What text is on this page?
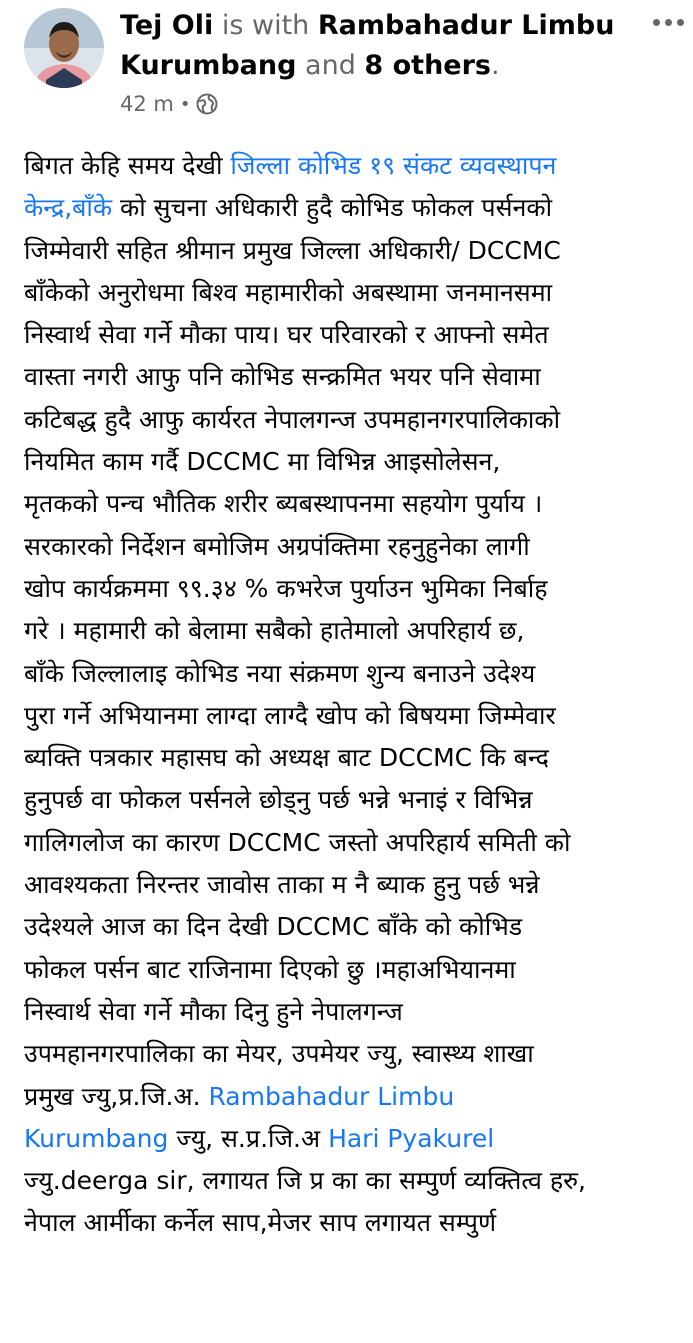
Tej Oli is with Rambahadur Limbu Kurumbang and 8 others.
42 m •
बिगत केहि समय देखी जिल्ला कोभिड १९ संकट व्यवस्थापन
केन्द्र,बाँके को सुचना अधिकारी हुदै कोभिड फोकल पर्सनको
जिम्मेवारी सहित श्रीमान प्रमुख जिल्ला अधिकारी/ DCCMC
बाँकेको अनुरोधमा बिश्व महामारीको अबस्थामा जनमानसमा
निस्वार्थ सेवा गर्ने मौका पाय। घर परिवारको र आफ्नो समेत
वास्ता नगरी आफु पनि कोभिड सन्क्रमित भयर पनि सेवामा
कटिबद्ध हुदै आफु कार्यरत नेपालगन्ज उपमहानगरपालिकाको
नियमित काम गर्दै DCCMC मा विभिन्न आइसोलेसन,
मृतकको पन्च भौतिक शरीर ब्यबस्थापनमा सहयोग पुर्याय ।
सरकारको निर्देशन बमोजिम अग्रपंक्तिमा रहनुहुनेका लागी
खोप कार्यक्रममा ९९.३४ % कभरेज पुर्याउन भुमिका निर्बाह
गरे । महामारी को बेलामा सबैको हातेमालो अपरिहार्य छ,
बाँके जिल्लालाइ कोभिड नया संक्रमण शुन्य बनाउने उदेश्य
पुरा गर्ने अभियानमा लाग्दा लाग्दै खोप को बिषयमा जिम्मेवार
ब्यक्ति पत्रकार महासघ को अध्यक्ष बाट DCCMC कि बन्द
हुनुपर्छ वा फोकल पर्सनले छोड्नु पर्छ भन्ने भनाइं र विभिन्न
गालिगलोज का कारण DCCMC जस्तो अपरिहार्य समिती को
आवश्यकता निरन्तर जावोस ताका म नै ब्याक हुनु पर्छ भन्ने
उदेश्यले आज का दिन देखी DCCMC बाँके को कोभिड
फोकल पर्सन बाट राजिनामा दिएको छु ।महाअभियानमा
निस्वार्थ सेवा गर्ने मौका दिनु हुने नेपालगन्ज
उपमहानगरपालिका का मेयर, उपमेयर ज्यु, स्वास्थ्य शाखा
प्रमुख ज्यु,प्र.जि.अ. Rambahadur Limbu
Kurumbang ज्यु, स.प्र.जि.अ Hari Pyakurel
ज्यु.deerga sir, लगायत जि प्र का का सम्पुर्ण व्यक्तित्व हरु,
नेपाल आर्मीका कर्नेल साप,मेजर साप लगायत सम्पुर्ण
